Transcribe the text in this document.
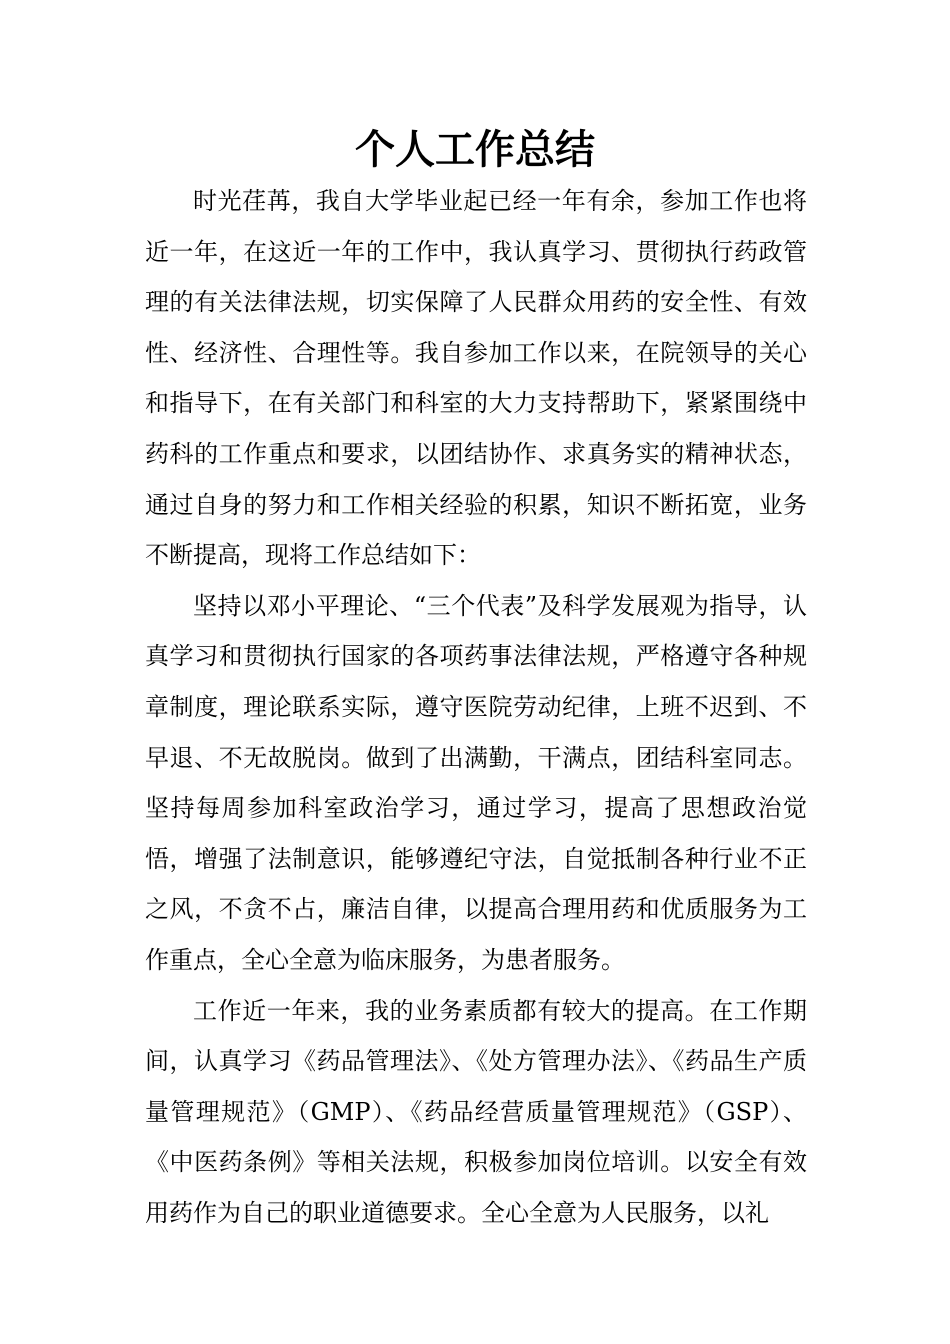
个人工作总结

时光荏苒，我自大学毕业起已经一年有余，参加工作也将近一年，在这近一年的工作中，我认真学习、贯彻执行药政管理的有关法律法规，切实保障了人民群众用药的安全性、有效性、经济性、合理性等。我自参加工作以来，在院领导的关心和指导下，在有关部门和科室的大力支持帮助下，紧紧围绕中药科的工作重点和要求，以团结协作、求真务实的精神状态，通过自身的努力和工作相关经验的积累，知识不断拓宽，业务不断提高，现将工作总结如下：

坚持以邓小平理论、“三个代表”及科学发展观为指导，认真学习和贯彻执行国家的各项药事法律法规，严格遵守各种规章制度，理论联系实际，遵守医院劳动纪律，上班不迟到、不早退、不无故脱岗。做到了出满勤，干满点，团结科室同志。坚持每周参加科室政治学习，通过学习，提高了思想政治觉悟，增强了法制意识，能够遵纪守法，自觉抵制各种行业不正之风，不贪不占，廉洁自律，以提高合理用药和优质服务为工作重点，全心全意为临床服务，为患者服务。

工作近一年来，我的业务素质都有较大的提高。在工作期间，认真学习《药品管理法》、《处方管理办法》、《药品生产质量管理规范》（GMP）、《药品经营质量管理规范》（GSP）、《中医药条例》等相关法规，积极参加岗位培训。以安全有效用药作为自己的职业道德要求。全心全意为人民服务，以礼
